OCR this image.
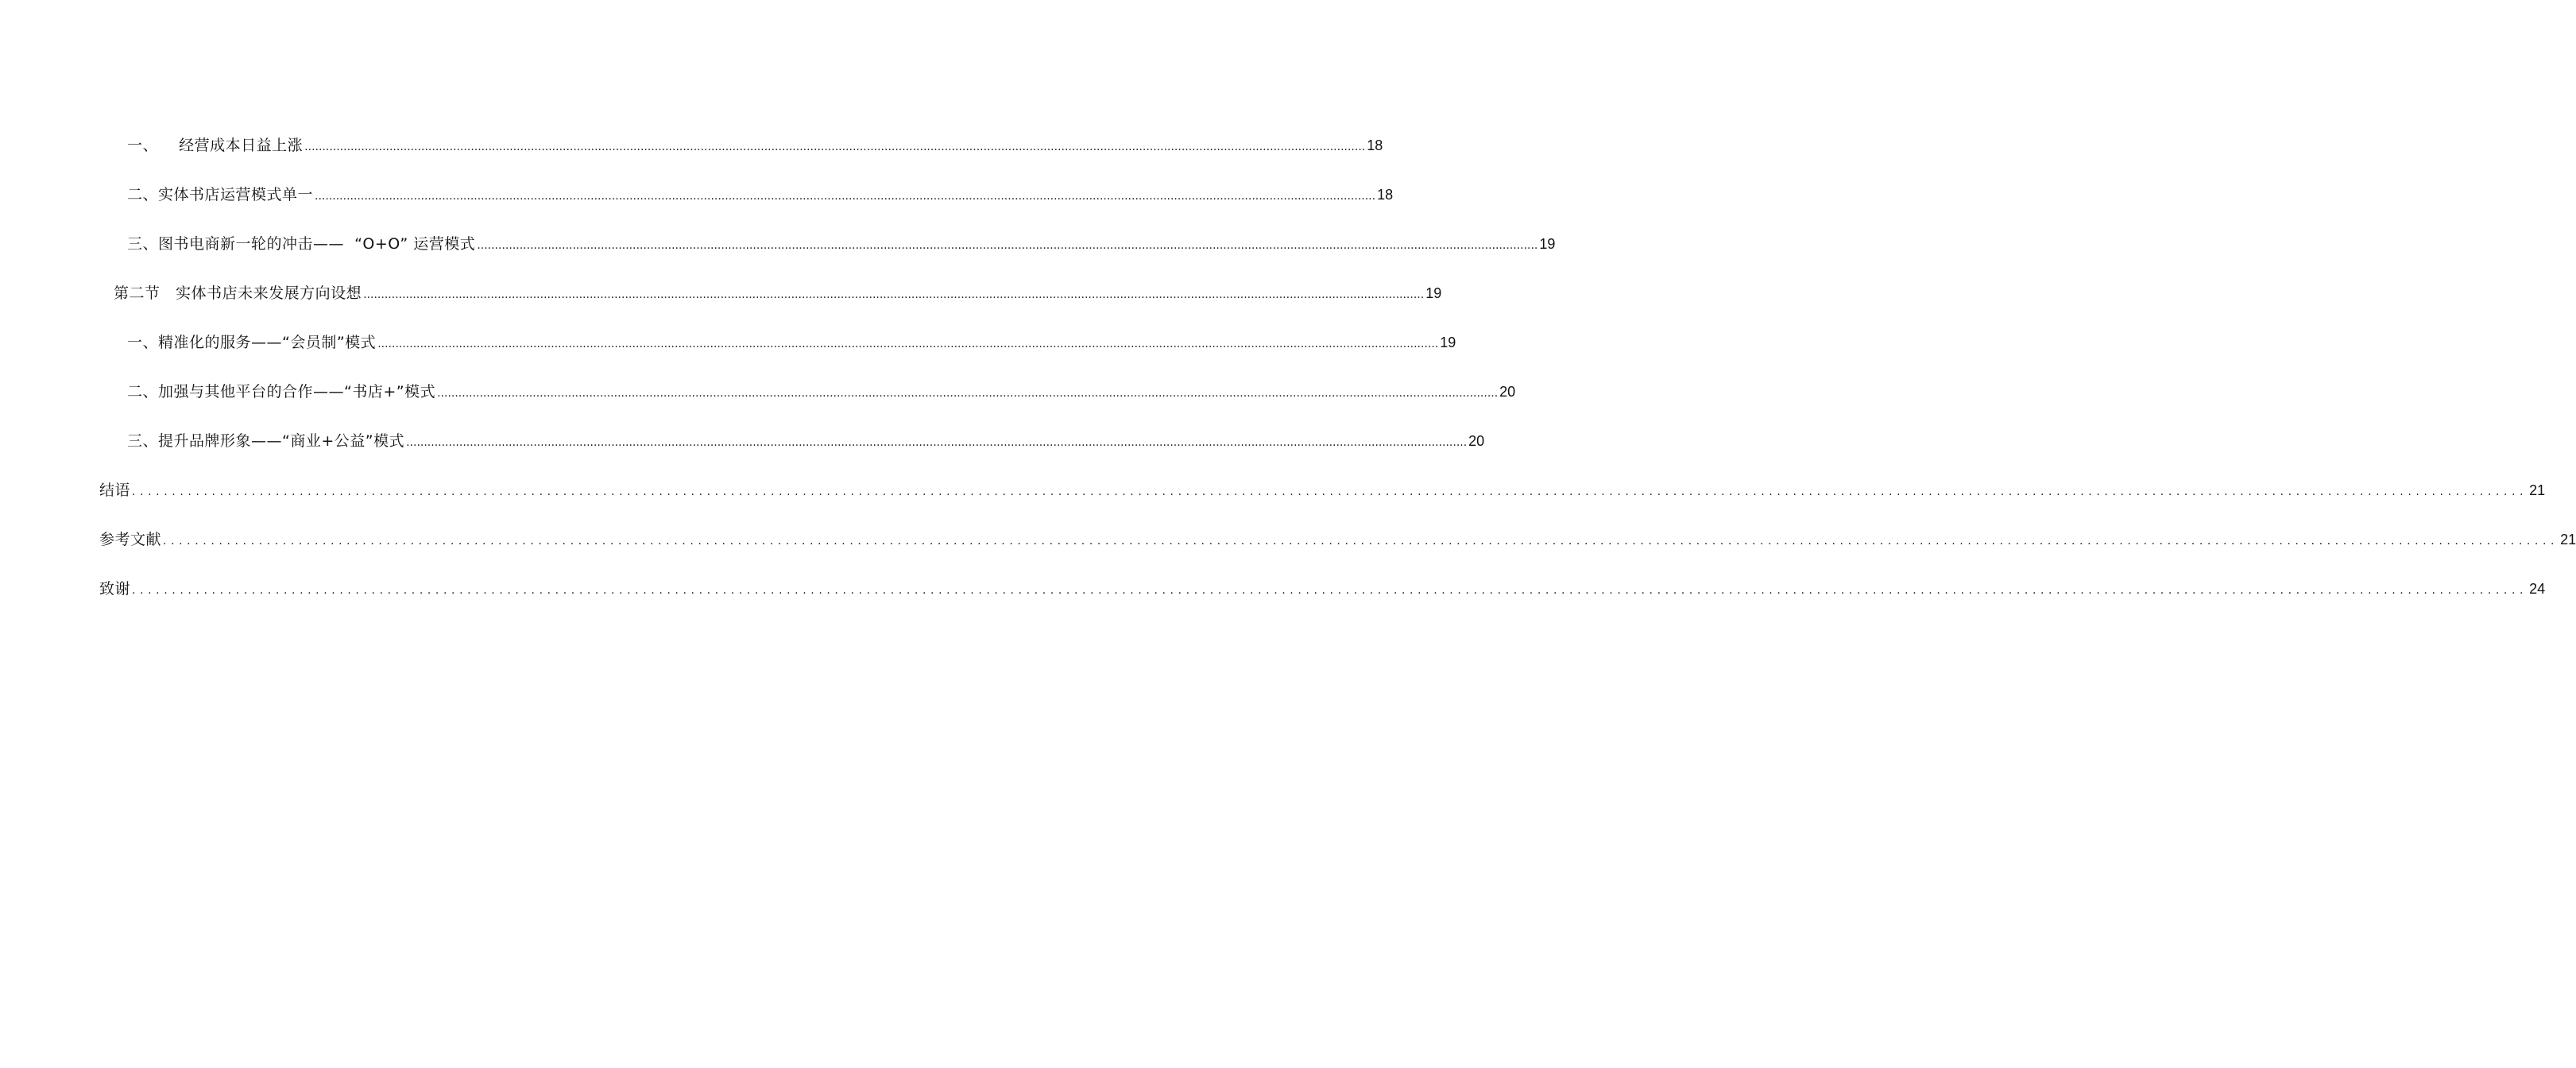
一、    经营成本日益上涨 ............................................................................................................................................................................................................................................................................................................ 18
二、实体书店运营模式单一 ............................................................................................................................................................................................................................................................................................................ 18
三、图书电商新一轮的冲击——  “O+O” 运营模式 ............................................................................................................................................................................................................................................................................................................ 19
第二节   实体书店未来发展方向设想 ............................................................................................................................................................................................................................................................................................................ 19
一、精准化的服务——“会员制”模式 ............................................................................................................................................................................................................................................................................................................ 19
二、加强与其他平台的合作——“书店+”模式 ............................................................................................................................................................................................................................................................................................................ 20
三、提升品牌形象——“商业+公益”模式 ............................................................................................................................................................................................................................................................................................................ 20
结语 ............................................................................................................................................................................................................................................................................................................ 21
参考文献 ............................................................................................................................................................................................................................................................................................................ 21
致谢 ............................................................................................................................................................................................................................................................................................................ 24
